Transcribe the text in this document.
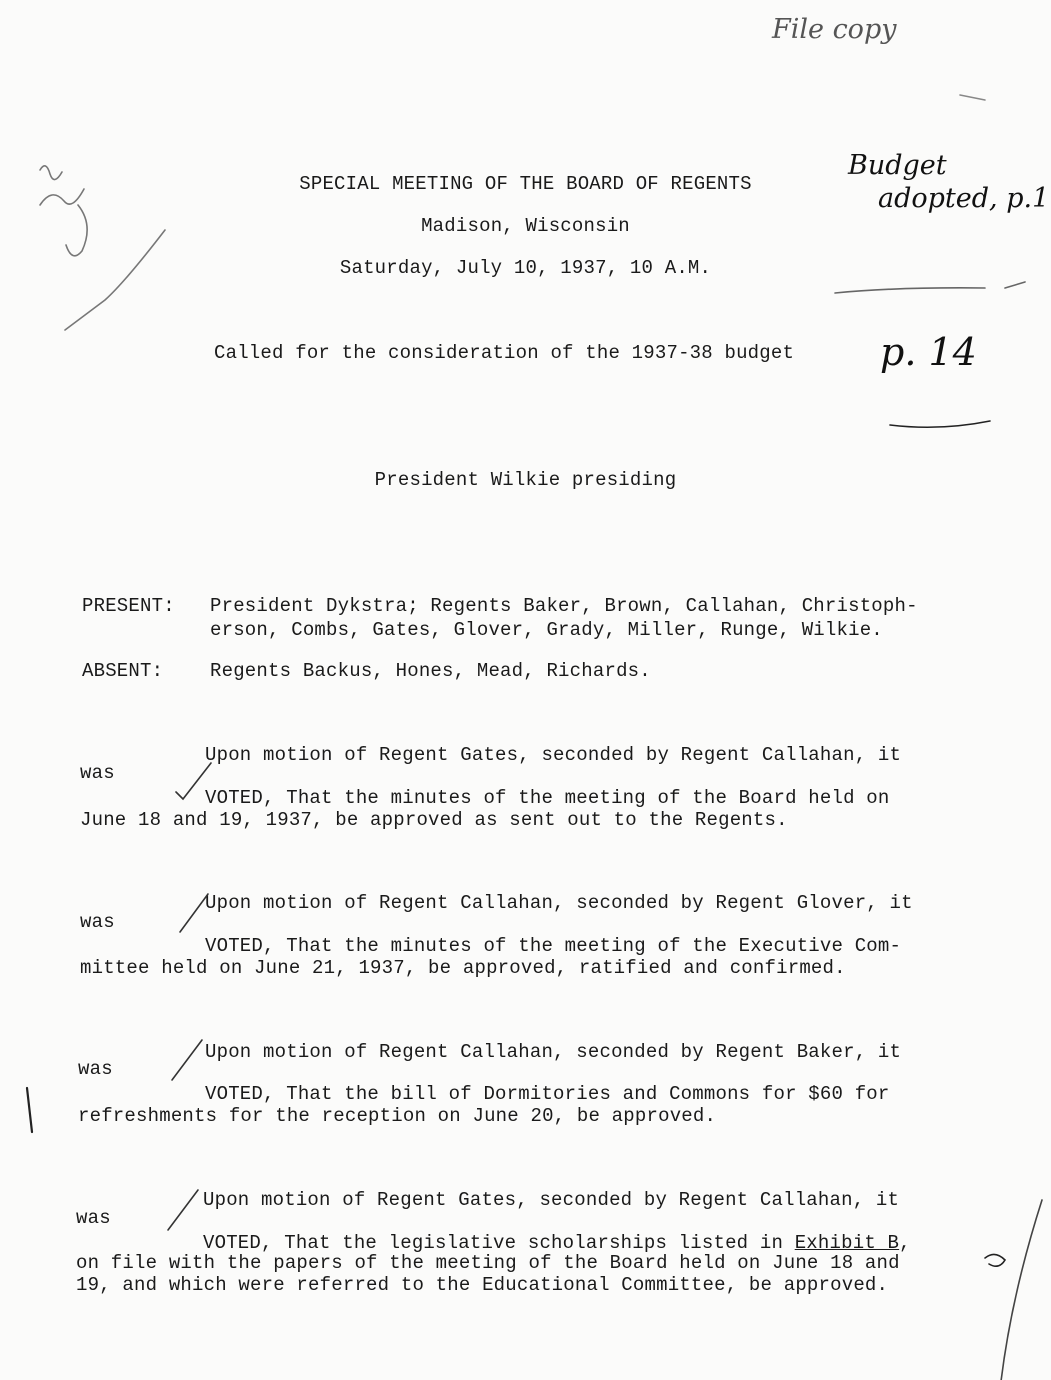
File copy
Budget
adopted, p.1
p. 14
SPECIAL MEETING OF THE BOARD OF REGENTS
Madison, Wisconsin
Saturday, July 10, 1937, 10 A.M.
Called for the consideration of the 1937-38 budget
President Wilkie presiding
PRESENT: President Dykstra; Regents Baker, Brown, Callahan, Christoph-
erson, Combs, Gates, Glover, Grady, Miller, Runge, Wilkie.
ABSENT: Regents Backus, Hones, Mead, Richards.
Upon motion of Regent Gates, seconded by Regent Callahan, it
was
VOTED, That the minutes of the meeting of the Board held on
June 18 and 19, 1937, be approved as sent out to the Regents.
Upon motion of Regent Callahan, seconded by Regent Glover, it
was
VOTED, That the minutes of the meeting of the Executive Com-
mittee held on June 21, 1937, be approved, ratified and confirmed.
Upon motion of Regent Callahan, seconded by Regent Baker, it
was
VOTED, That the bill of Dormitories and Commons for $60 for
refreshments for the reception on June 20, be approved.
Upon motion of Regent Gates, seconded by Regent Callahan, it
was
VOTED, That the legislative scholarships listed in Exhibit B,
on file with the papers of the meeting of the Board held on June 18 and
19, and which were referred to the Educational Committee, be approved.
